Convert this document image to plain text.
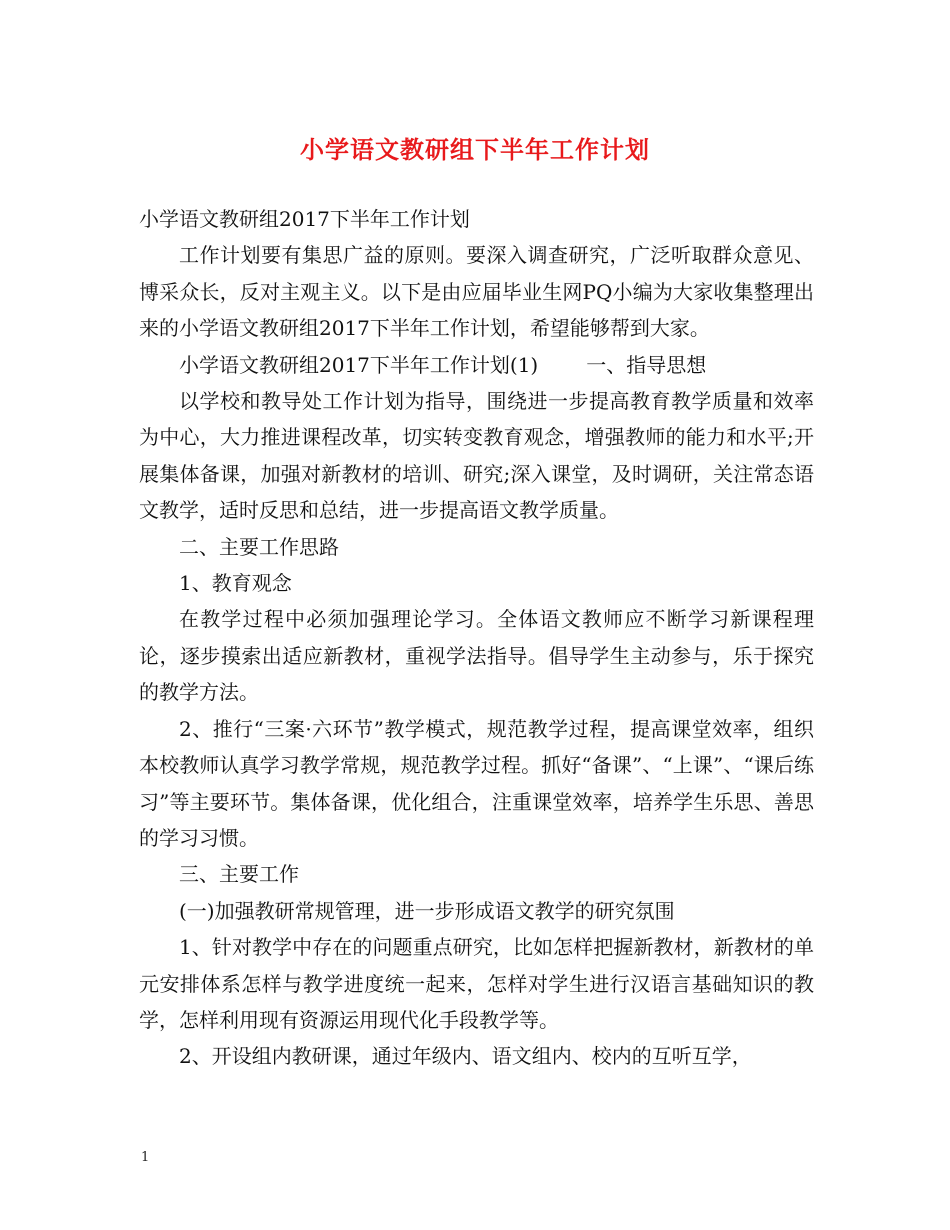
小学语文教研组下半年工作计划
小学语文教研组2017下半年工作计划

工作计划要有集思广益的原则。要深入调查研究，广泛听取群众意见、博采众长，反对主观主义。以下是由应届毕业生网PQ小编为大家收集整理出来的小学语文教研组2017下半年工作计划，希望能够帮到大家。

小学语文教研组2017下半年工作计划(1) 一、指导思想

以学校和教导处工作计划为指导，围绕进一步提高教育教学质量和效率为中心，大力推进课程改革，切实转变教育观念，增强教师的能力和水平;开展集体备课，加强对新教材的培训、研究;深入课堂，及时调研，关注常态语文教学，适时反思和总结，进一步提高语文教学质量。

二、主要工作思路

1、教育观念

在教学过程中必须加强理论学习。全体语文教师应不断学习新课程理论，逐步摸索出适应新教材，重视学法指导。倡导学生主动参与，乐于探究的教学方法。

2、推行“三案·六环节”教学模式，规范教学过程，提高课堂效率，组织本校教师认真学习教学常规，规范教学过程。抓好“备课”、“上课”、“课后练习”等主要环节。集体备课，优化组合，注重课堂效率，培养学生乐思、善思的学习习惯。

三、主要工作

(一)加强教研常规管理，进一步形成语文教学的研究氛围

1、针对教学中存在的问题重点研究，比如怎样把握新教材，新教材的单元安排体系怎样与教学进度统一起来，怎样对学生进行汉语言基础知识的教学，怎样利用现有资源运用现代化手段教学等。

2、开设组内教研课，通过年级内、语文组内、校内的互听互学，

1
